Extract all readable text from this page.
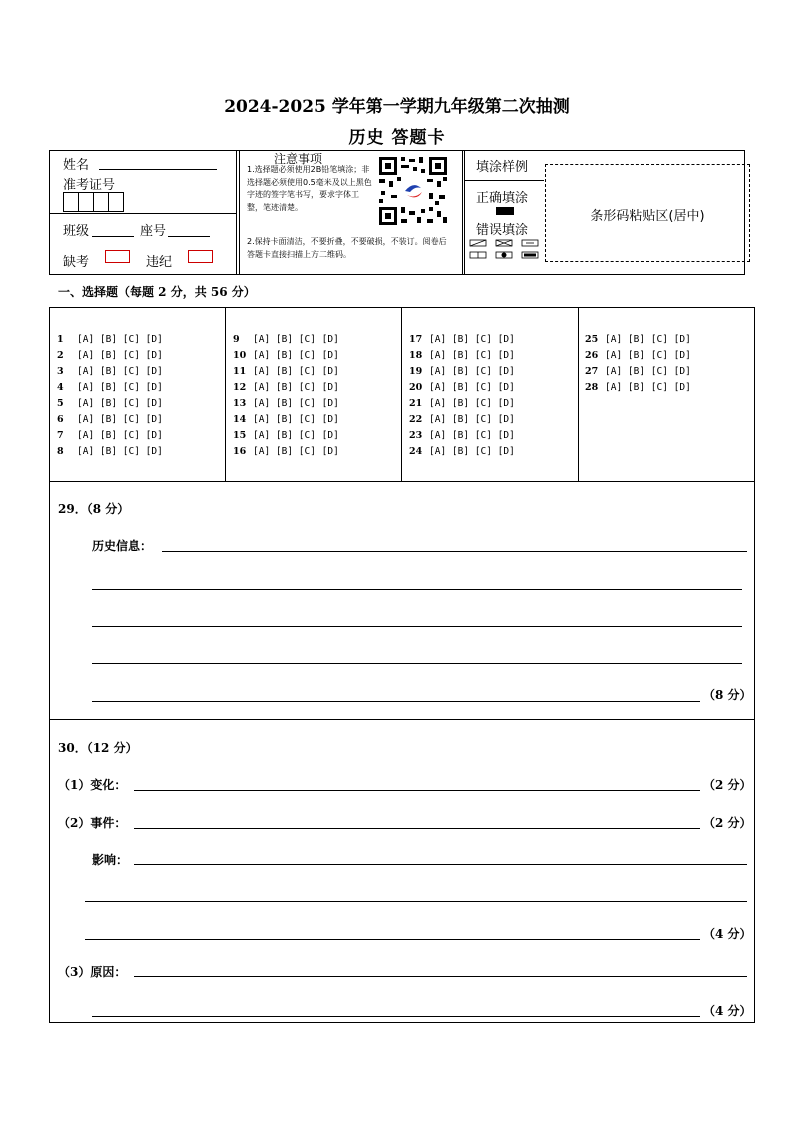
2024-2025 学年第一学期九年级第二次抽测
历史 答题卡
姓名
准考证号
班级	座号
缺考	违纪
注意事项
1.选择题必须使用2B铅笔填涂；非选择题必须使用0.5毫米及以上黑色字迹的签字笔书写，要求字体工整，笔迹清楚。
2.保持卡面清洁，不要折叠，不要破损，不装订。阅卷后答题卡直接扫描上方二维码。
填涂样例
正确填涂
错误填涂
条形码粘贴区(居中)
一、选择题（每题 2 分，共 56 分）
1 [A] [B] [C] [D]
2 [A] [B] [C] [D]
3 [A] [B] [C] [D]
4 [A] [B] [C] [D]
5 [A] [B] [C] [D]
6 [A] [B] [C] [D]
7 [A] [B] [C] [D]
8 [A] [B] [C] [D]
9 [A] [B] [C] [D]
10 [A] [B] [C] [D]
11 [A] [B] [C] [D]
12 [A] [B] [C] [D]
13 [A] [B] [C] [D]
14 [A] [B] [C] [D]
15 [A] [B] [C] [D]
16 [A] [B] [C] [D]
17 [A] [B] [C] [D]
18 [A] [B] [C] [D]
19 [A] [B] [C] [D]
20 [A] [B] [C] [D]
21 [A] [B] [C] [D]
22 [A] [B] [C] [D]
23 [A] [B] [C] [D]
24 [A] [B] [C] [D]
25 [A] [B] [C] [D]
26 [A] [B] [C] [D]
27 [A] [B] [C] [D]
28 [A] [B] [C] [D]
29．（8 分）
历史信息：
（8 分）
30．（12 分）
（1）变化：	（2 分）
（2）事件：	（2 分）
影响：
（4 分）
（3）原因：
（4 分）
